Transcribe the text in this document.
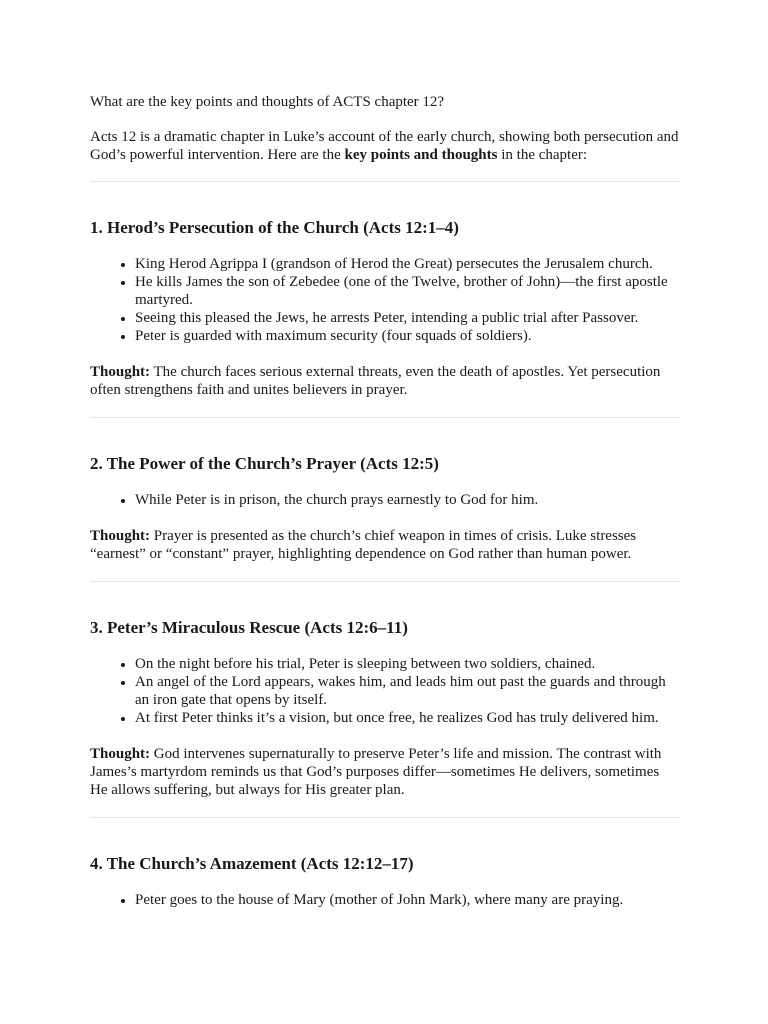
What are the key points and thoughts of ACTS chapter 12?

Acts 12 is a dramatic chapter in Luke’s account of the early church, showing both persecution and God’s powerful intervention. Here are the key points and thoughts in the chapter:

1. Herod’s Persecution of the Church (Acts 12:1–4)
• King Herod Agrippa I (grandson of Herod the Great) persecutes the Jerusalem church.
• He kills James the son of Zebedee (one of the Twelve, brother of John)—the first apostle martyred.
• Seeing this pleased the Jews, he arrests Peter, intending a public trial after Passover.
• Peter is guarded with maximum security (four squads of soldiers).

Thought: The church faces serious external threats, even the death of apostles. Yet persecution often strengthens faith and unites believers in prayer.

2. The Power of the Church’s Prayer (Acts 12:5)
• While Peter is in prison, the church prays earnestly to God for him.

Thought: Prayer is presented as the church’s chief weapon in times of crisis. Luke stresses “earnest” or “constant” prayer, highlighting dependence on God rather than human power.

3. Peter’s Miraculous Rescue (Acts 12:6–11)
• On the night before his trial, Peter is sleeping between two soldiers, chained.
• An angel of the Lord appears, wakes him, and leads him out past the guards and through an iron gate that opens by itself.
• At first Peter thinks it’s a vision, but once free, he realizes God has truly delivered him.

Thought: God intervenes supernaturally to preserve Peter’s life and mission. The contrast with James’s martyrdom reminds us that God’s purposes differ—sometimes He delivers, sometimes He allows suffering, but always for His greater plan.

4. The Church’s Amazement (Acts 12:12–17)
• Peter goes to the house of Mary (mother of John Mark), where many are praying.
